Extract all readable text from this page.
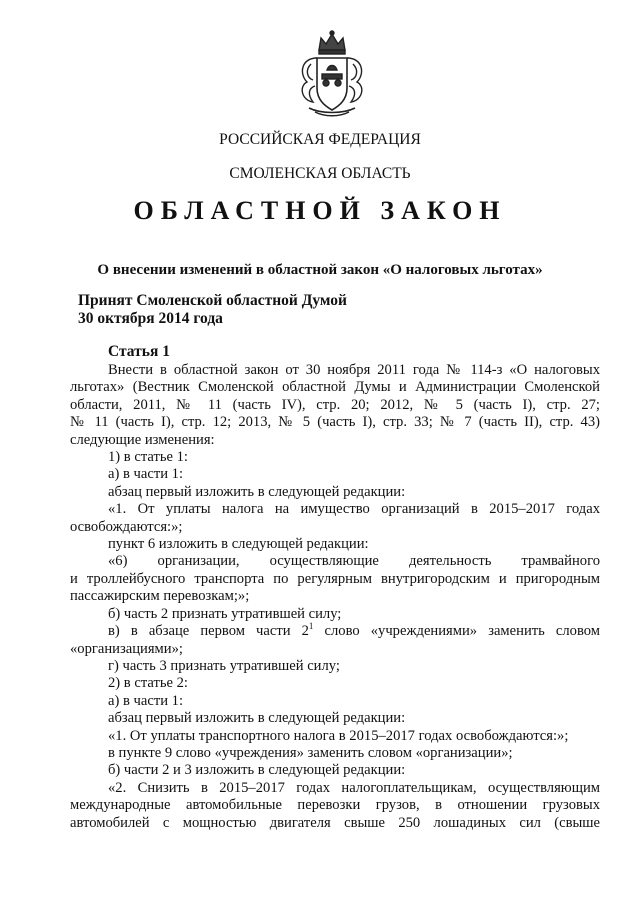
РОССИЙСКАЯ ФЕДЕРАЦИЯ
СМОЛЕНСКАЯ ОБЛАСТЬ
ОБЛАСТНОЙ ЗАКОН
О внесении изменений в областной закон «О налоговых льготах»
Принят Смоленской областной Думой
30 октября 2014 года
Статья 1

Внести в областной закон от 30 ноября 2011 года № 114-з «О налоговых

льготах» (Вестник Смоленской областной Думы и Администрации Смоленской

области, 2011, № 11 (часть IV), стр. 20; 2012, № 5 (часть I), стр. 27;

№ 11 (часть I), стр. 12; 2013, № 5 (часть I), стр. 33; № 7 (часть II), стр. 43)

следующие изменения:

1) в статье 1:

а) в части 1:

абзац первый изложить в следующей редакции:

«1. От уплаты налога на имущество организаций в 2015–2017 годах

освобождаются:»;

пункт 6 изложить в следующей редакции:

«6) организации, осуществляющие деятельность трамвайного

и троллейбусного транспорта по регулярным внутригородским и пригородным

пассажирским перевозкам;»;

б) часть 2 признать утратившей силу;

в) в абзаце первом части $2^1$ слово «учреждениями» заменить словом

«организациями»;

г) часть 3 признать утратившей силу;

2) в статье 2:

а) в части 1:

абзац первый изложить в следующей редакции:

«1. От уплаты транспортного налога в 2015–2017 годах освобождаются:»;

в пункте 9 слово «учреждения» заменить словом «организации»;

б) части 2 и 3 изложить в следующей редакции:

«2. Снизить в 2015–2017 годах налогоплательщикам, осуществляющим

международные автомобильные перевозки грузов, в отношении грузовых

автомобилей с мощностью двигателя свыше 250 лошадиных сил (свыше
